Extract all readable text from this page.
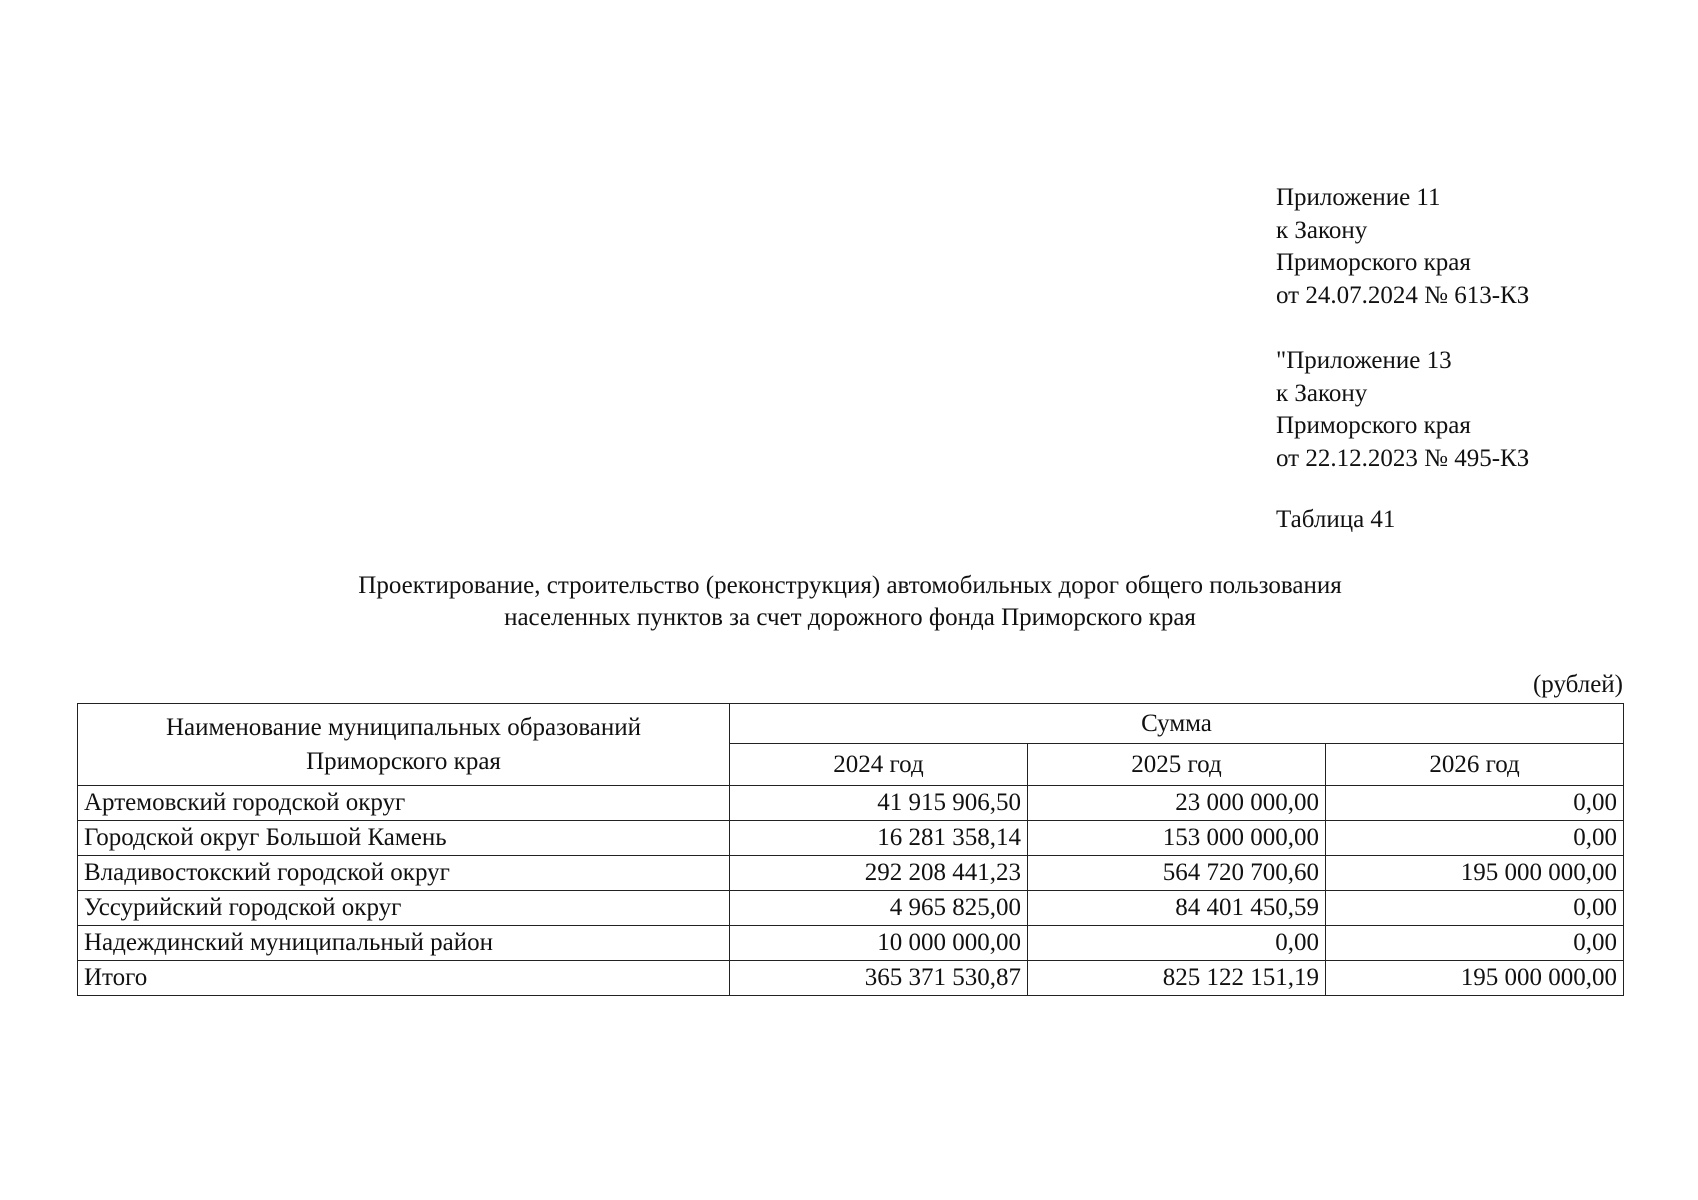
Приложение 11
к Закону
Приморского края
от 24.07.2024 № 613-КЗ
"Приложение 13
к Закону
Приморского края
от 22.12.2023 № 495-КЗ
Таблица 41
Проектирование, строительство (реконструкция) автомобильных дорог общего пользования
населенных пунктов за счет дорожного фонда Приморского края
(рублей)
Наименование муниципальных образований
Приморского края	Сумма		
	2024 год	2025 год	2026 год
Артемовский городской округ	41 915 906,50	23 000 000,00	0,00
Городской округ Большой Камень	16 281 358,14	153 000 000,00	0,00
Владивостокский городской округ	292 208 441,23	564 720 700,60	195 000 000,00
Уссурийский городской округ	4 965 825,00	84 401 450,59	0,00
Надеждинский муниципальный район	10 000 000,00	0,00	0,00
Итого	365 371 530,87	825 122 151,19	195 000 000,00
